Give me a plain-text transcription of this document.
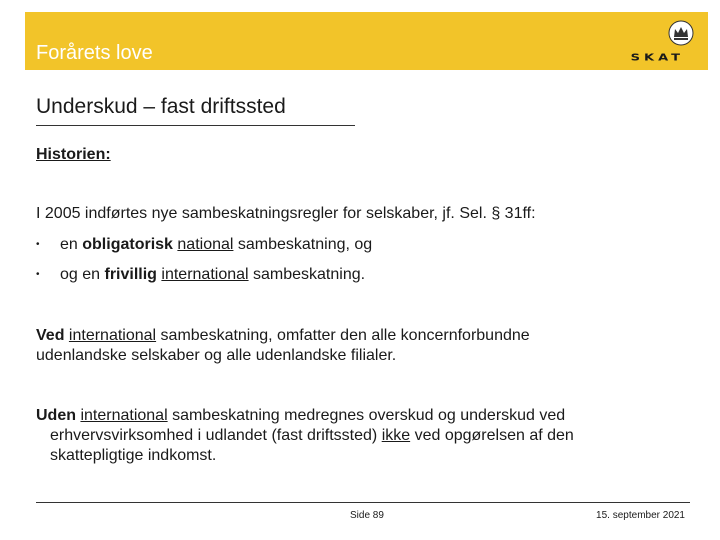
Forårets love	SKAT
Underskud – fast driftssted
Historien:
I 2005 indførtes nye sambeskatningsregler for selskaber, jf. Sel. § 31ff:
• en obligatorisk national sambeskatning, og
• og en frivillig international sambeskatning.
Ved international sambeskatning, omfatter den alle koncernforbundne
udenlandske selskaber og alle udenlandske filialer.
Uden international sambeskatning medregnes overskud og underskud ved
erhvervsvirksomhed i udlandet (fast driftssted) ikke ved opgørelsen af den
skattepligtige indkomst.
Side 89	15. september 2021
